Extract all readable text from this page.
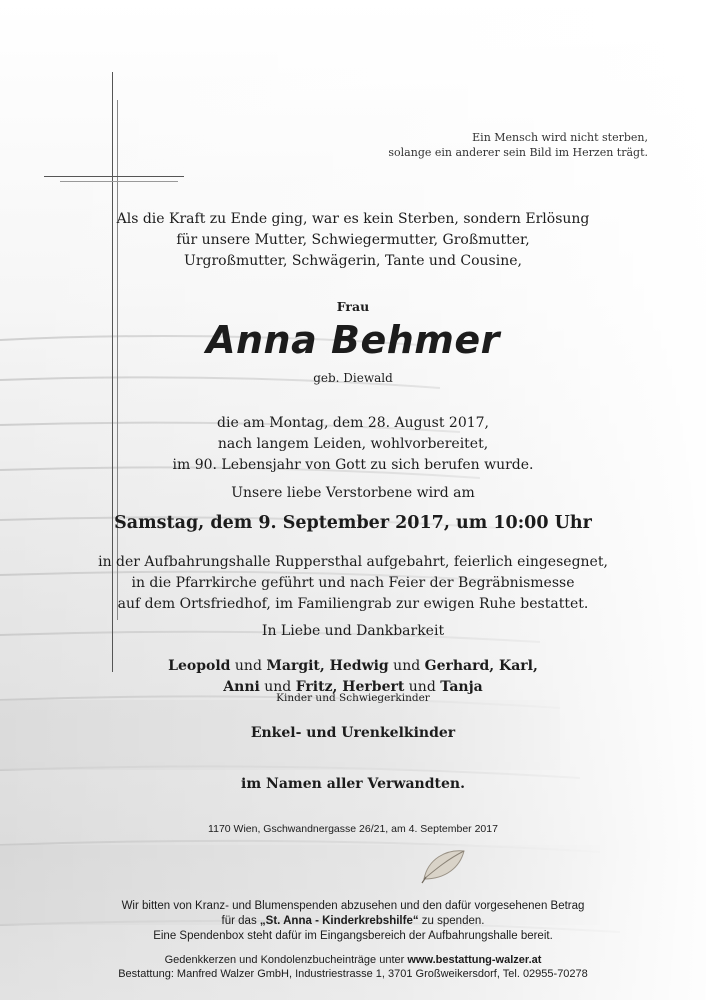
Ein Mensch wird nicht sterben,
solange ein anderer sein Bild im Herzen trägt.
Als die Kraft zu Ende ging, war es kein Sterben, sondern Erlösung
für unsere Mutter, Schwiegermutter, Großmutter,
Urgroßmutter, Schwägerin, Tante und Cousine,
Frau
Anna Behmer
geb. Diewald
die am Montag, dem 28. August 2017,
nach langem Leiden, wohlvorbereitet,
im 90. Lebensjahr von Gott zu sich berufen wurde.
Unsere liebe Verstorbene wird am
Samstag, dem 9. September 2017, um 10:00 Uhr
in der Aufbahrungshalle Ruppersthal aufgebahrt, feierlich eingesegnet,
in die Pfarrkirche geführt und nach Feier der Begräbnismesse
auf dem Ortsfriedhof, im Familiengrab zur ewigen Ruhe bestattet.
In Liebe und Dankbarkeit
Leopold und Margit, Hedwig und Gerhard, Karl,
Anni und Fritz, Herbert und Tanja
Kinder und Schwiegerkinder
Enkel- und Urenkelkinder
im Namen aller Verwandten.
1170 Wien, Gschwandnergasse 26/21, am 4. September 2017
Wir bitten von Kranz- und Blumenspenden abzusehen und den dafür vorgesehenen Betrag
für das „St. Anna - Kinderkrebshilfe“ zu spenden.
Eine Spendenbox steht dafür im Eingangsbereich der Aufbahrungshalle bereit.
Gedenkkerzen und Kondolenzbucheinträge unter www.bestattung-walzer.at
Bestattung: Manfred Walzer GmbH, Industriestrasse 1, 3701 Großweikersdorf, Tel. 02955-70278
